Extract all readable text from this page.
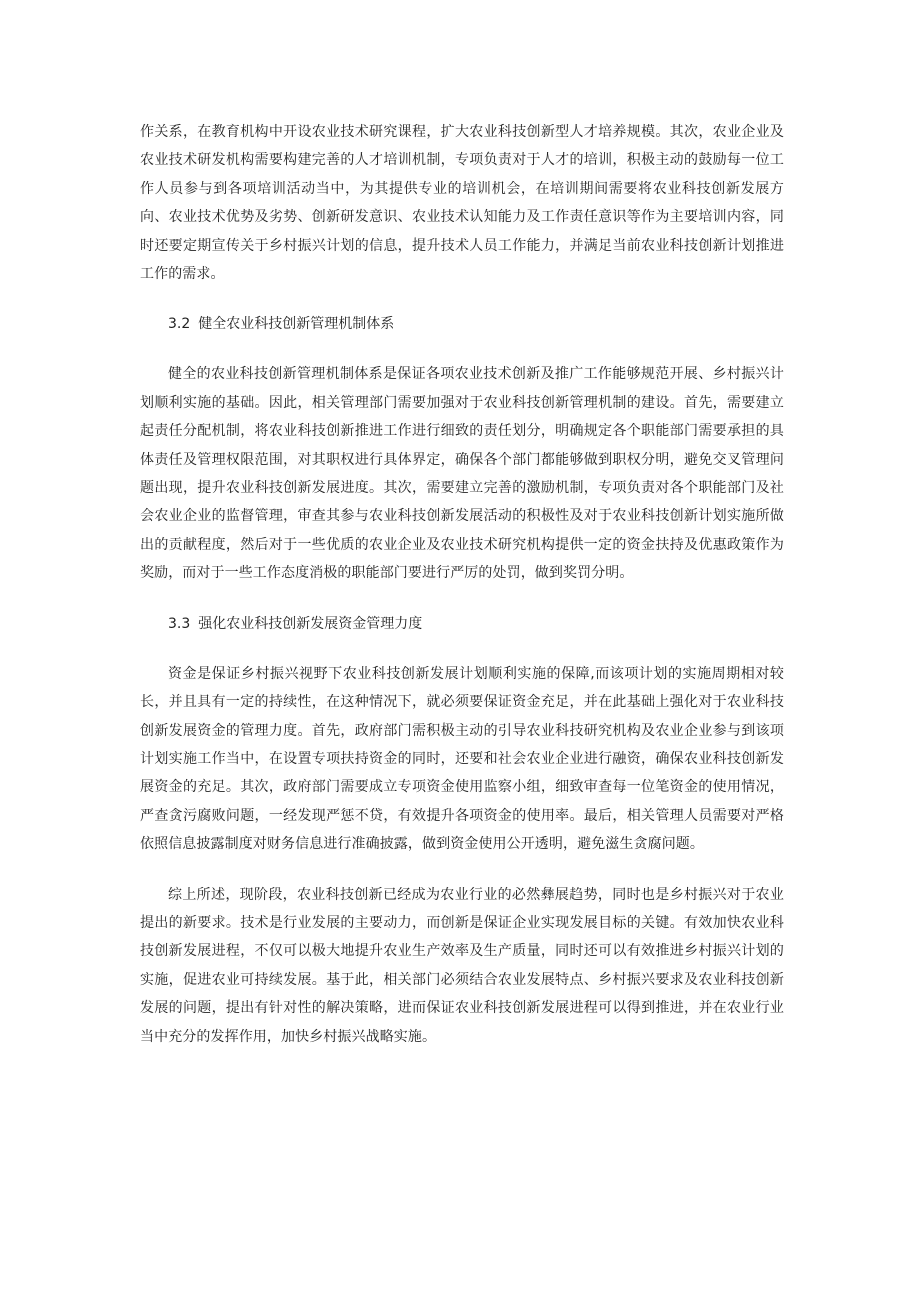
作关系，在教育机构中开设农业技术研究课程，扩大农业科技创新型人才培养规模。其次，农业企业及农业技术研发机构需要构建完善的人才培训机制，专项负责对于人才的培训，积极主动的鼓励每一位工作人员参与到各项培训活动当中，为其提供专业的培训机会，在培训期间需要将农业科技创新发展方向、农业技术优势及劣势、创新研发意识、农业技术认知能力及工作责任意识等作为主要培训内容，同时还要定期宣传关于乡村振兴计划的信息，提升技术人员工作能力，并满足当前农业科技创新计划推进工作的需求。

3.2 健全农业科技创新管理机制体系

健全的农业科技创新管理机制体系是保证各项农业技术创新及推广工作能够规范开展、乡村振兴计划顺利实施的基础。因此，相关管理部门需要加强对于农业科技创新管理机制的建设。首先，需要建立起责任分配机制，将农业科技创新推进工作进行细致的责任划分，明确规定各个职能部门需要承担的具体责任及管理权限范围，对其职权进行具体界定，确保各个部门都能够做到职权分明，避免交叉管理问题出现，提升农业科技创新发展进度。其次，需要建立完善的激励机制，专项负责对各个职能部门及社会农业企业的监督管理，审查其参与农业科技创新发展活动的积极性及对于农业科技创新计划实施所做出的贡献程度，然后对于一些优质的农业企业及农业技术研究机构提供一定的资金扶持及优惠政策作为奖励，而对于一些工作态度消极的职能部门要进行严厉的处罚，做到奖罚分明。

3.3 强化农业科技创新发展资金管理力度

资金是保证乡村振兴视野下农业科技创新发展计划顺利实施的保障,而该项计划的实施周期相对较长，并且具有一定的持续性，在这种情况下，就必须要保证资金充足，并在此基础上强化对于农业科技创新发展资金的管理力度。首先，政府部门需积极主动的引导农业科技研究机构及农业企业参与到该项计划实施工作当中，在设置专项扶持资金的同时，还要和社会农业企业进行融资，确保农业科技创新发展资金的充足。其次，政府部门需要成立专项资金使用监察小组，细致审查每一位笔资金的使用情况，严查贪污腐败问题，一经发现严惩不贷，有效提升各项资金的使用率。最后，相关管理人员需要对严格依照信息披露制度对财务信息进行准确披露，做到资金使用公开透明，避免滋生贪腐问题。

综上所述，现阶段，农业科技创新已经成为农业行业的必然彝展趋势，同时也是乡村振兴对于农业提出的新要求。技术是行业发展的主要动力，而创新是保证企业实现发展目标的关键。有效加快农业科技创新发展进程，不仅可以极大地提升农业生产效率及生产质量，同时还可以有效推进乡村振兴计划的实施，促进农业可持续发展。基于此，相关部门必须结合农业发展特点、乡村振兴要求及农业科技创新发展的问题，提出有针对性的解决策略，进而保证农业科技创新发展进程可以得到推进，并在农业行业当中充分的发挥作用，加快乡村振兴战略实施。
